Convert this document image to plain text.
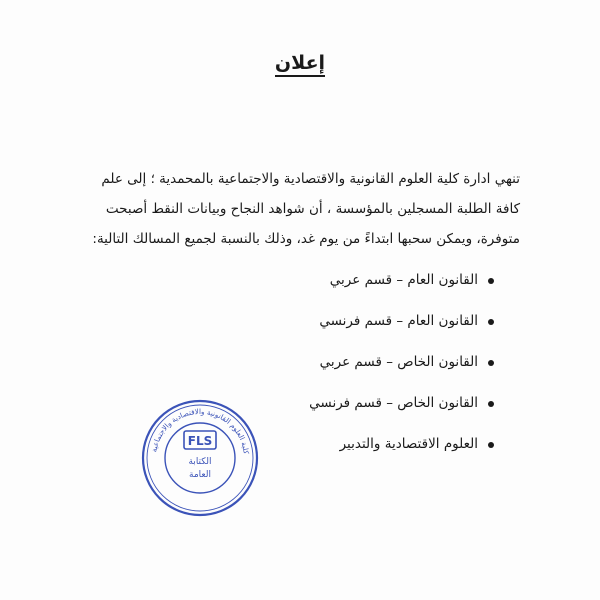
إعلان
تنهي ادارة كلية العلوم القانونية والاقتصادية والاجتماعية بالمحمدية ؛ إلى علم
كافة الطلبة المسجلين بالمؤسسة ، أن شواهد النجاح وبيانات النقط أصبحت
متوفرة، ويمكن سحبها ابتداءً من يوم غد، وذلك بالنسبة لجميع المسالك التالية:
القانون العام – قسم عربي
القانون العام – قسم فرنسي
القانون الخاص – قسم عربي
القانون الخاص – قسم فرنسي
العلوم الاقتصادية والتدبير
كلية العلوم القانونية والاقتصادية والاجتماعية
FLS
الكتابة
العامة
